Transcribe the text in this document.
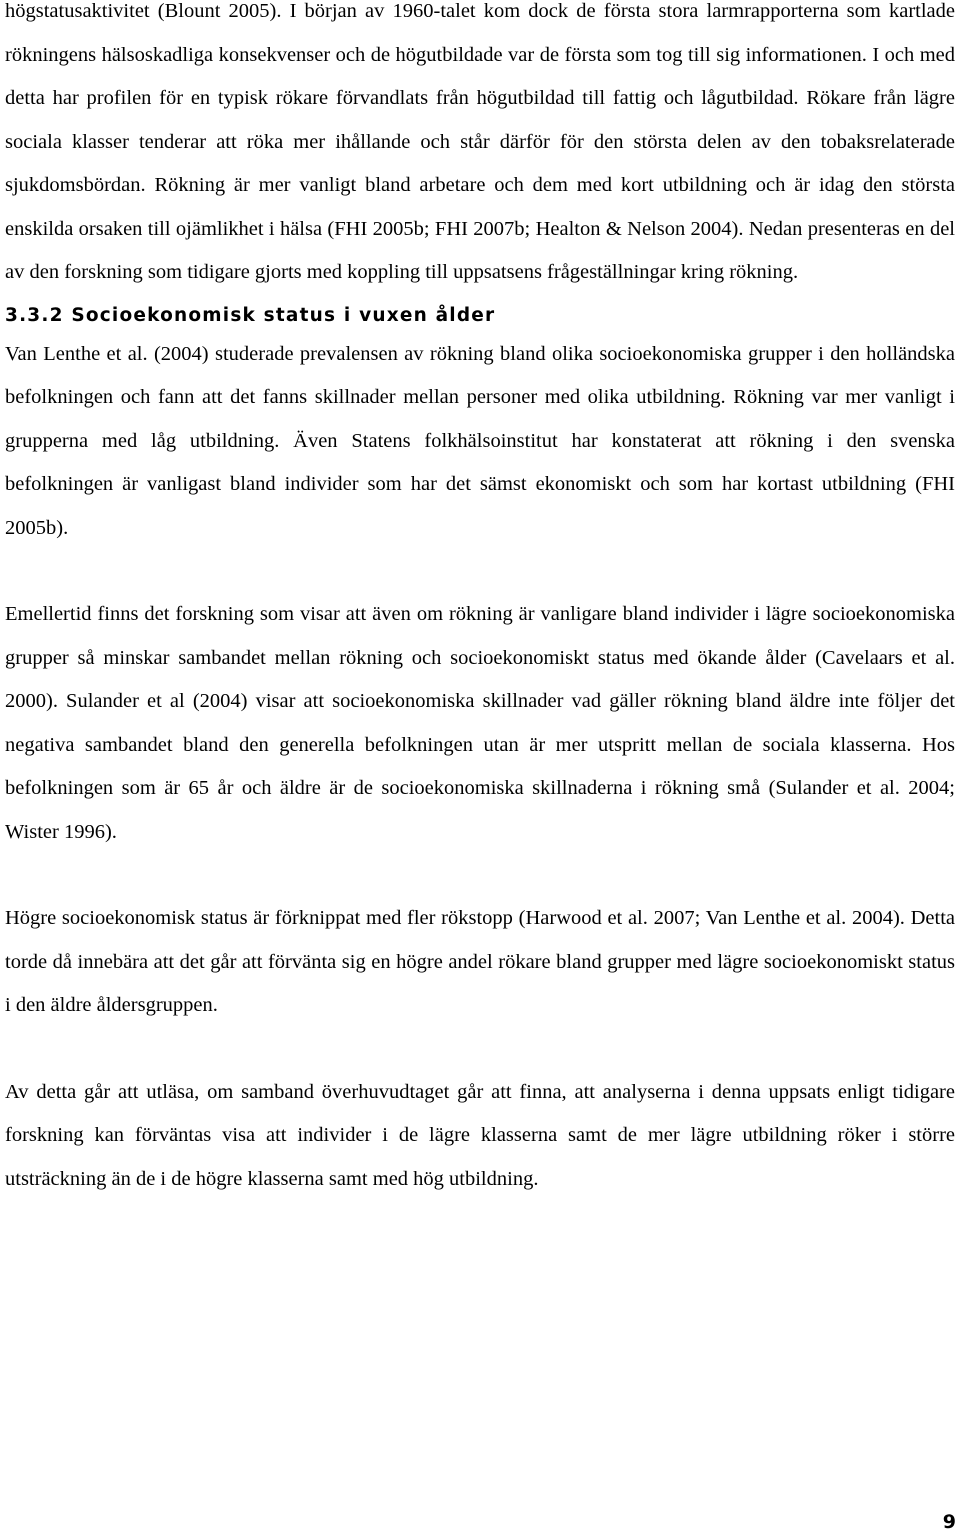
högstatusaktivitet (Blount 2005). I början av 1960-talet kom dock de första stora larmrapporterna som kartlade rökningens hälsoskadliga konsekvenser och de högutbildade var de första som tog till sig informationen. I och med detta har profilen för en typisk rökare förvandlats från högutbildad till fattig och lågutbildad. Rökare från lägre sociala klasser tenderar att röka mer ihållande och står därför för den största delen av den tobaksrelaterade sjukdomsbördan. Rökning är mer vanligt bland arbetare och dem med kort utbildning och är idag den största enskilda orsaken till ojämlikhet i hälsa (FHI 2005b; FHI 2007b; Healton & Nelson 2004). Nedan presenteras en del av den forskning som tidigare gjorts med koppling till uppsatsens frågeställningar kring rökning.

3.3.2 Socioekonomisk status i vuxen ålder

Van Lenthe et al. (2004) studerade prevalensen av rökning bland olika socioekonomiska grupper i den holländska befolkningen och fann att det fanns skillnader mellan personer med olika utbildning. Rökning var mer vanligt i grupperna med låg utbildning. Även Statens folkhälsoinstitut har konstaterat att rökning i den svenska befolkningen är vanligast bland individer som har det sämst ekonomiskt och som har kortast utbildning (FHI 2005b).

Emellertid finns det forskning som visar att även om rökning är vanligare bland individer i lägre socioekonomiska grupper så minskar sambandet mellan rökning och socioekonomiskt status med ökande ålder (Cavelaars et al. 2000). Sulander et al (2004) visar att socioekonomiska skillnader vad gäller rökning bland äldre inte följer det negativa sambandet bland den generella befolkningen utan är mer utspritt mellan de sociala klasserna. Hos befolkningen som är 65 år och äldre är de socioekonomiska skillnaderna i rökning små (Sulander et al. 2004; Wister 1996).

Högre socioekonomisk status är förknippat med fler rökstopp (Harwood et al. 2007; Van Lenthe et al. 2004). Detta torde då innebära att det går att förvänta sig en högre andel rökare bland grupper med lägre socioekonomiskt status i den äldre åldersgruppen.

Av detta går att utläsa, om samband överhuvudtaget går att finna, att analyserna i denna uppsats enligt tidigare forskning kan förväntas visa att individer i de lägre klasserna samt de mer lägre utbildning röker i större utsträckning än de i de högre klasserna samt med hög utbildning.

9
